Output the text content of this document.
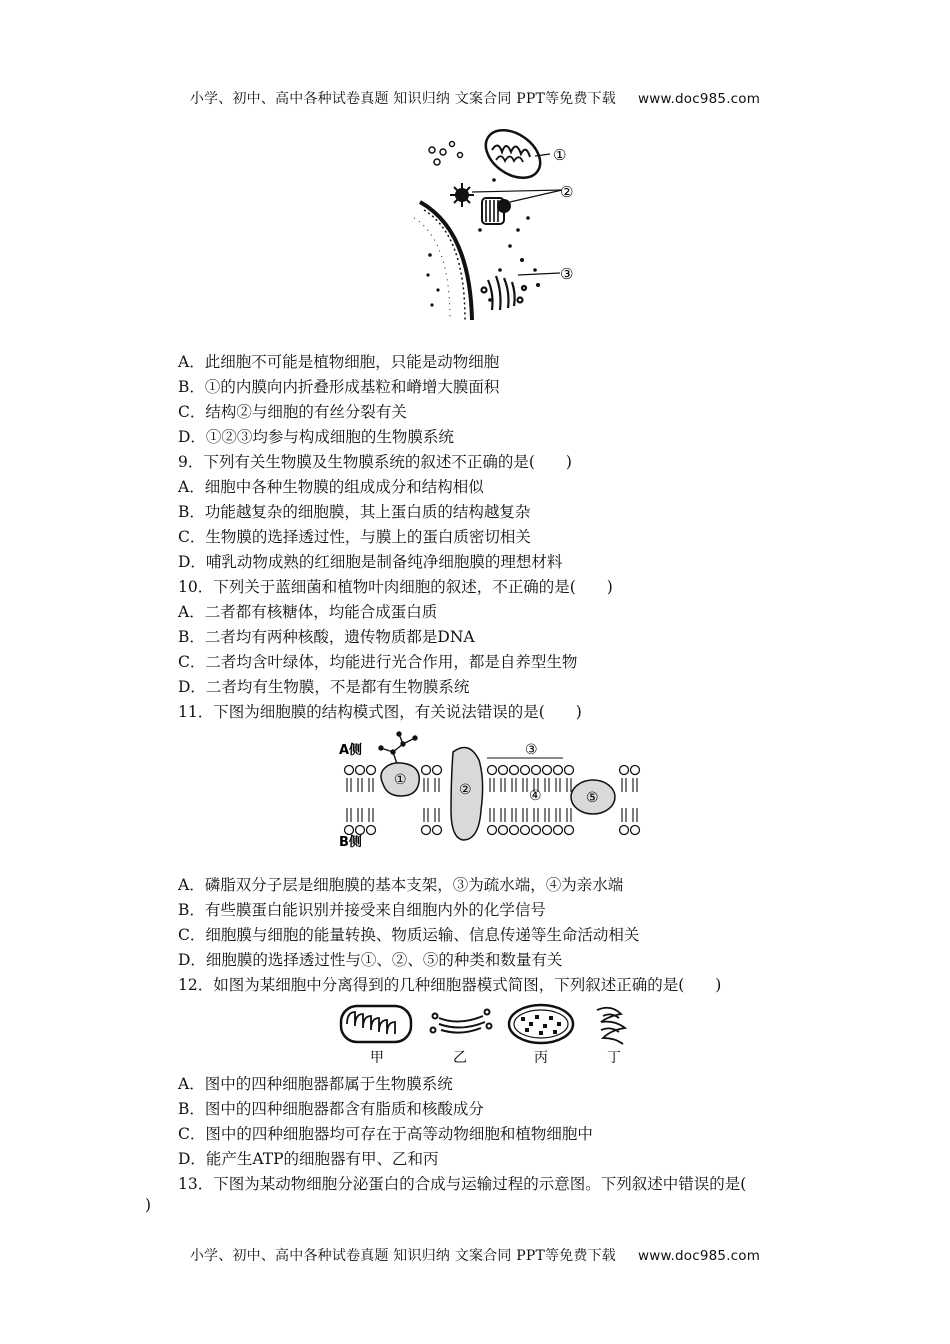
小学、初中、高中各种试卷真题 知识归纳 文案合同 PPT等免费下载 www.doc985.com
①
②
③
A．此细胞不可能是植物细胞，只能是动物细胞
B．①的内膜向内折叠形成基粒和嵴增大膜面积
C．结构②与细胞的有丝分裂有关
D．①②③均参与构成细胞的生物膜系统
9．下列有关生物膜及生物膜系统的叙述不正确的是(　　)
A．细胞中各种生物膜的组成成分和结构相似
B．功能越复杂的细胞膜，其上蛋白质的结构越复杂
C．生物膜的选择透过性，与膜上的蛋白质密切相关
D．哺乳动物成熟的红细胞是制备纯净细胞膜的理想材料
10．下列关于蓝细菌和植物叶肉细胞的叙述，不正确的是(　　)
A．二者都有核糖体，均能合成蛋白质
B．二者均有两种核酸，遗传物质都是DNA
C．二者均含叶绿体，均能进行光合作用，都是自养型生物
D．二者均有生物膜，不是都有生物膜系统
11．下图为细胞膜的结构模式图，有关说法错误的是(　　)
A侧
B侧
①
②
③
④	⑤
A．磷脂双分子层是细胞膜的基本支架，③为疏水端，④为亲水端
B．有些膜蛋白能识别并接受来自细胞内外的化学信号
C．细胞膜与细胞的能量转换、物质运输、信息传递等生命活动相关
D．细胞膜的选择透过性与①、②、⑤的种类和数量有关
12．如图为某细胞中分离得到的几种细胞器模式简图，下列叙述正确的是(　　)
甲	乙	丙	丁
A．图中的四种细胞器都属于生物膜系统
B．图中的四种细胞器都含有脂质和核酸成分
C．图中的四种细胞器均可存在于高等动物细胞和植物细胞中
D．能产生ATP的细胞器有甲、乙和丙
13．下图为某动物细胞分泌蛋白的合成与运输过程的示意图。下列叙述中错误的是(
)
小学、初中、高中各种试卷真题 知识归纳 文案合同 PPT等免费下载 www.doc985.com
